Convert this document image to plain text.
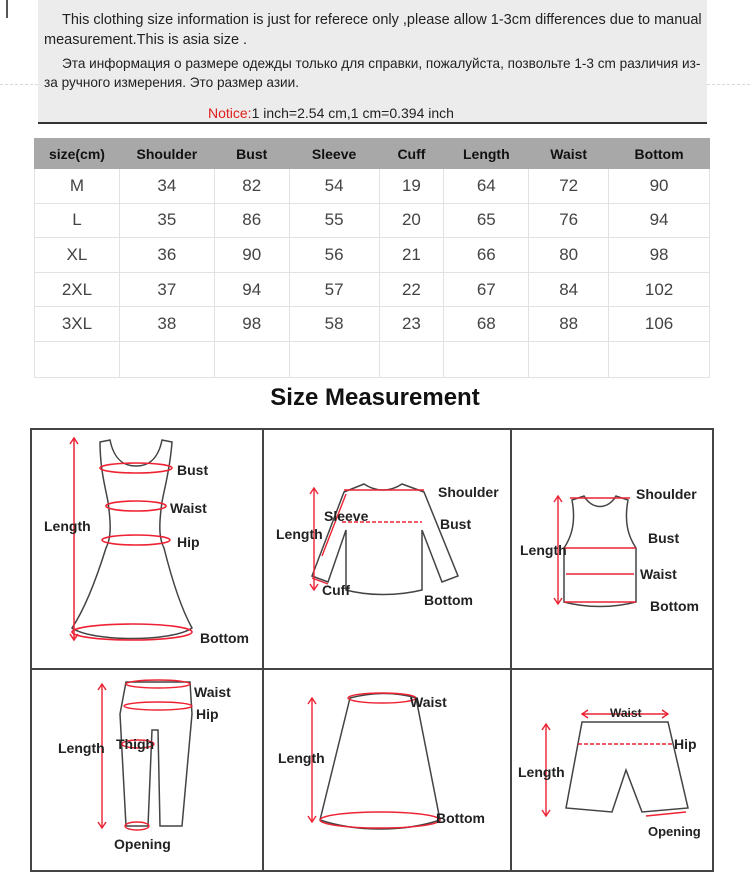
This clothing size information is just for referece only ,please allow 1-3cm differences due to manual measurement.This is asia size .

Эта информация о размере одежды только для справки, пожалуйста, позвольте 1-3 cm различия из-за ручного измерения. Это размер азии.

Notice:1 inch=2.54 cm,1 cm=0.394 inch

size(cm)	Shoulder	Bust	Sleeve	Cuff	Length	Waist	Bottom
M	34	82	54	19	64	72	90
L	35	86	55	20	65	76	94
XL	36	90	56	21	66	80	98
2XL	37	94	57	22	67	84	102
3XL	38	98	58	23	68	88	106

Size Measurement
Length
Bust
Waist
Hip
Bottom
Shoulder
Sleeve	Bust
Length
Cuff
Bottom
Shoulder
Length
Bust
Waist
Bottom
Waist
Hip
Length Thigh
Opening
Waist
Length
Bottom
Waist
Hip
Length
Opening
